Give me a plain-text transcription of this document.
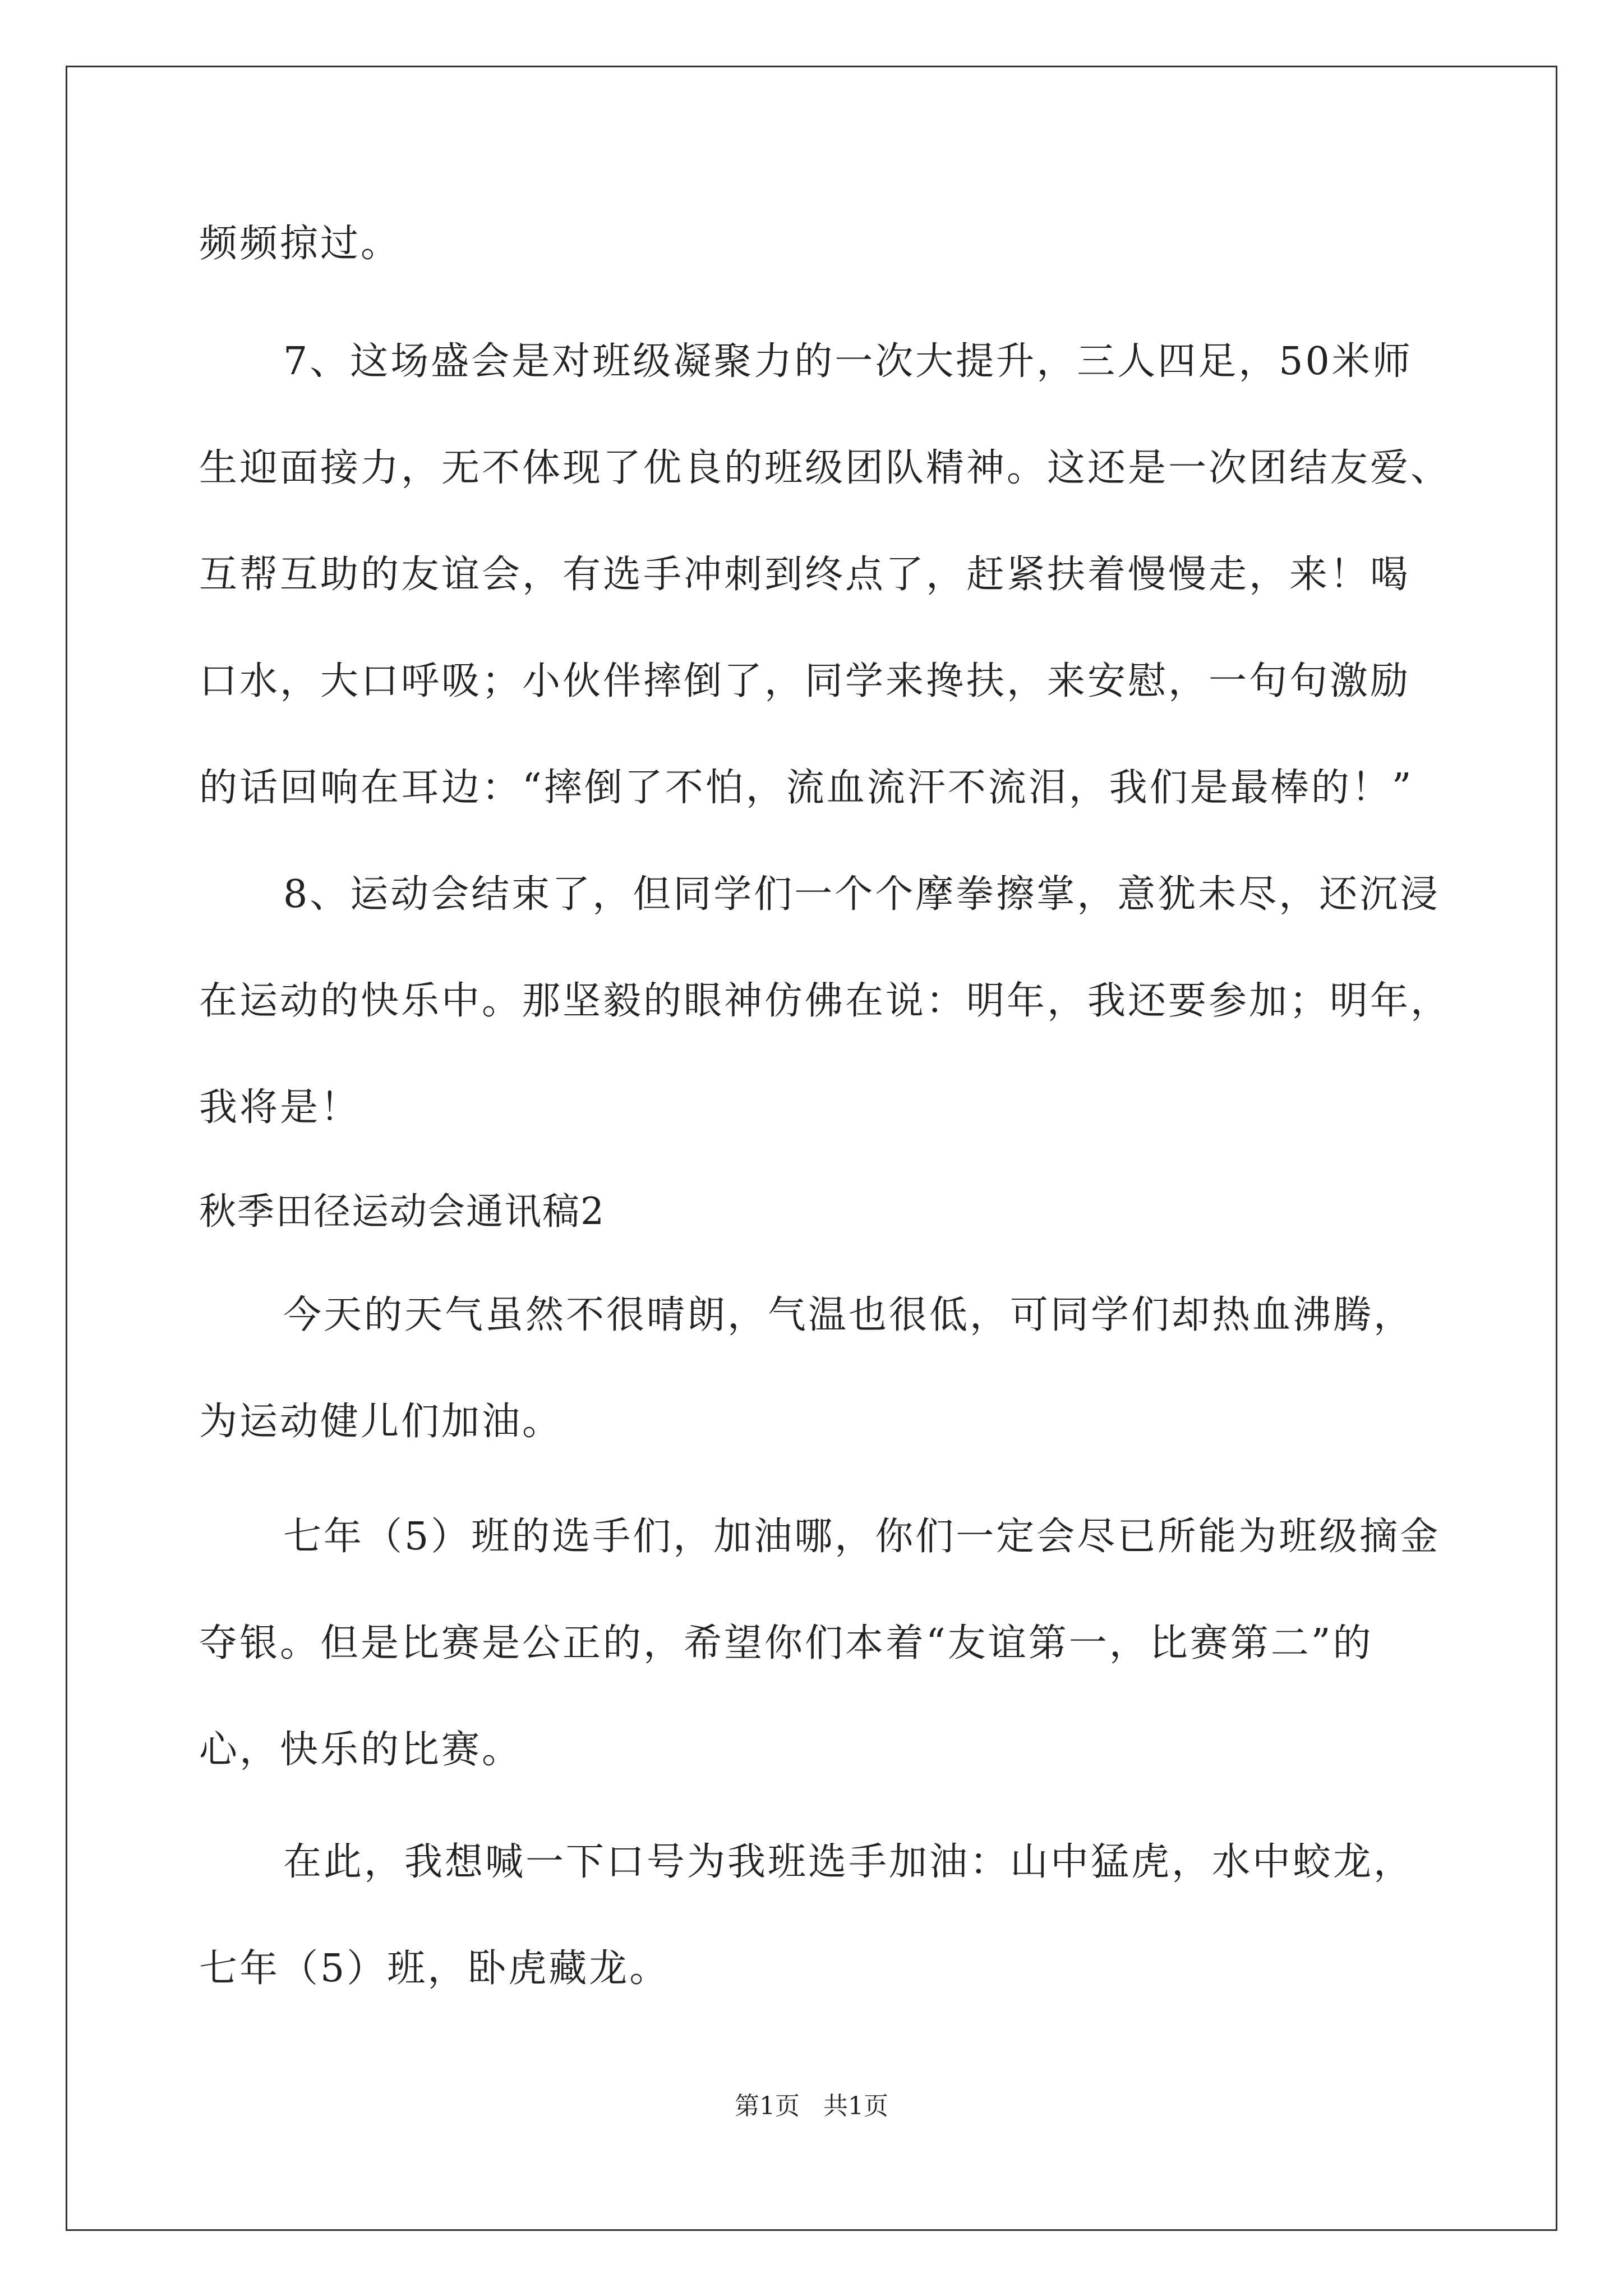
频频掠过。
7、这场盛会是对班级凝聚力的一次大提升，三人四足，50米师
生迎面接力，无不体现了优良的班级团队精神。这还是一次团结友爱、
互帮互助的友谊会，有选手冲刺到终点了，赶紧扶着慢慢走，来！喝
口水，大口呼吸；小伙伴摔倒了，同学来搀扶，来安慰，一句句激励
的话回响在耳边：“摔倒了不怕，流血流汗不流泪，我们是最棒的！”
8、运动会结束了，但同学们一个个摩拳擦掌，意犹未尽，还沉浸
在运动的快乐中。那坚毅的眼神仿佛在说：明年，我还要参加；明年，
我将是！
秋季田径运动会通讯稿2
今天的天气虽然不很晴朗，气温也很低，可同学们却热血沸腾，
为运动健儿们加油。
七年（5）班的选手们，加油哪，你们一定会尽已所能为班级摘金
夺银。但是比赛是公正的，希望你们本着“友谊第一，比赛第二”的
心，快乐的比赛。
在此，我想喊一下口号为我班选手加油：山中猛虎，水中蛟龙，
七年（5）班，卧虎藏龙。
第1页   共1页
